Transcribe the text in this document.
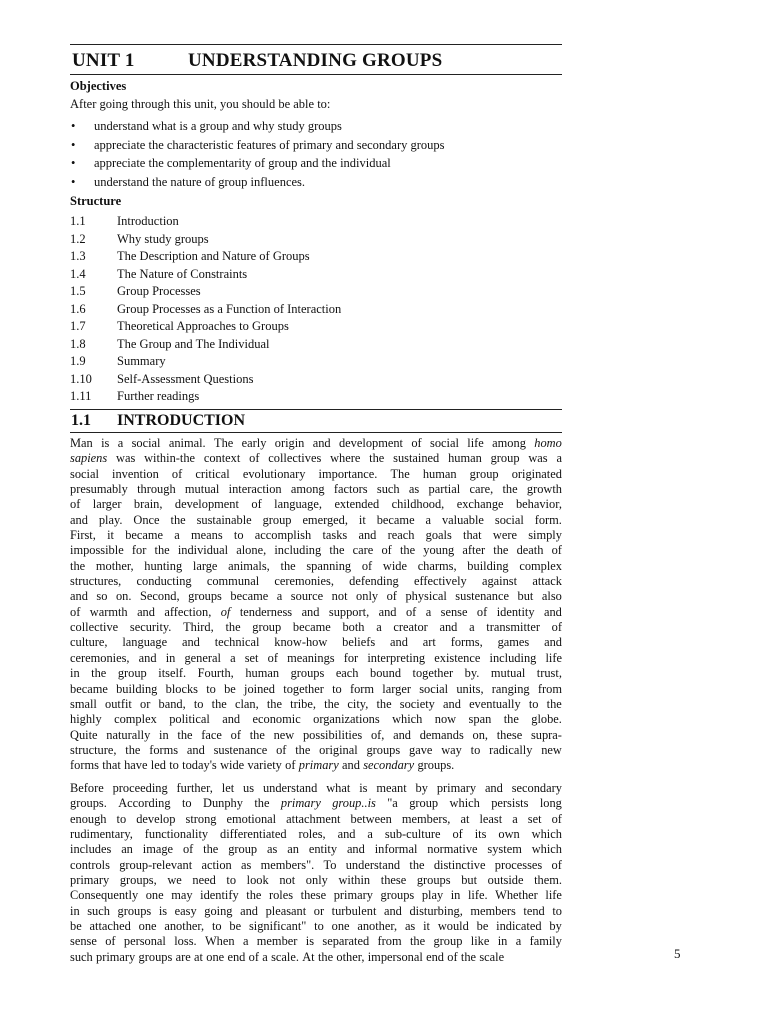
UNIT 1	UNDERSTANDING GROUPS
Objectives
After going through this unit, you should be able to:
• understand what is a group and why study groups
• appreciate the characteristic features of primary and secondary groups
• appreciate the complementarity of group and the individual
• understand the nature of group influences.
Structure
1.1	Introduction
1.2	Why study groups
1.3	The Description and Nature of Groups
1.4	The Nature of Constraints
1.5	Group Processes
1.6	Group Processes as a Function of Interaction
1.7	Theoretical Approaches to Groups
1.8	The Group and The Individual
1.9	Summary
1.10 Self-Assessment Questions
1.11 Further readings
1.1 INTRODUCTION
Man is a social animal. The early origin and development of social life among homo
sapiens was within-the context of collectives where the sustained human group was a
social invention of critical evolutionary importance. The human group originated
presumably through mutual interaction among factors such as partial care, the growth
of larger brain, development of language, extended childhood, exchange behavior,
and play. Once the sustainable group emerged, it became a valuable social form.
First, it became a means to accomplish tasks and reach goals that were simply
impossible for the individual alone, including the care of the young after the death of
the mother, hunting large animals, the spanning of wide charms, building complex
structures, conducting communal ceremonies, defending effectively against attack
and so on. Second, groups became a source not only of physical sustenance but also
of warmth and affection, of tenderness and support, and of a sense of identity and
collective security. Third, the group became both a creator and a transmitter of
culture, language and technical know-how beliefs and art forms, games and
ceremonies, and in general a set of meanings for interpreting existence including life
in the group itself. Fourth, human groups each bound together by. mutual trust,
became building blocks to be joined together to form larger social units, ranging from
small outfit or band, to the clan, the tribe, the city, the society and eventually to the
highly complex political and economic organizations which now span the globe.
Quite naturally in the face of the new possibilities of, and demands on, these supra-
structure, the forms and sustenance of the original groups gave way to radically new
forms that have led to today's wide variety of primary and secondary groups.
Before proceeding further, let us understand what is meant by primary and secondary
groups. According to Dunphy the primary group..is "a group which persists long
enough to develop strong emotional attachment between members, at least a set of
rudimentary, functionality differentiated roles, and a sub-culture of its own which
includes an image of the group as an entity and informal normative system which
controls group-relevant action as members". To understand the distinctive processes of
primary groups, we need to look not only within these groups but outside them.
Consequently one may identify the roles these primary groups play in life. Whether life
in such groups is easy going and pleasant or turbulent and disturbing, members tend to
be attached one another, to be significant" to one another, as it would be indicated by
sense of personal loss. When a member is separated from the group like in a family
such primary groups are at one end of a scale. At the other, impersonal end of the scale	5
